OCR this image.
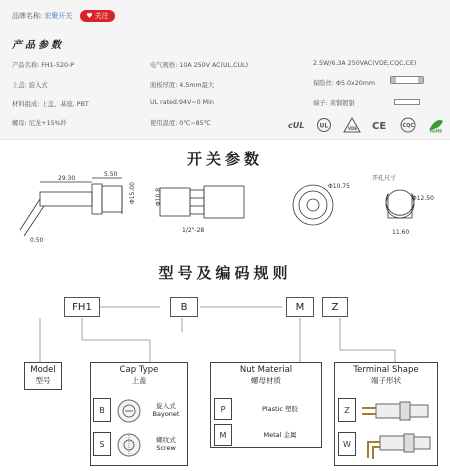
品牌名称: 宏聚开关 ♥ 关注
产品参数
产品名称: FH1-520-P
上盖: 旋入式
材料组成: 上盖、基座, PBT
螺母: 尼龙+15%纤
电气规格: 10A 250V AC(UL,CUL)
面板厚度: 4.5mm最大
UL rated:94V~0 Min
使用温度: 0℃~85℃
2.5W/6.3A 250VAC(VDE,CQC,CE)
保险丝: Φ5.0x20mm
端子: 黄铜镀银
cUL	UL	VDE CE	CQC
RoHS
开关参数
29.30
5.50
Φ15.00
0.50
Φ10.8
1/2"-28
Φ10.75
开孔尺寸
Φ12.50
11.60
型号及编码规则
FH1	B	M	Z
Model
型号
Cap Type
上盖
B
S
旋入式
Bayonet
螺纹式
Screw
Nut Material
螺母材质
P
M
Plastic 塑胶
Metal 金属
Terminal Shape
端子形状
Z
W
